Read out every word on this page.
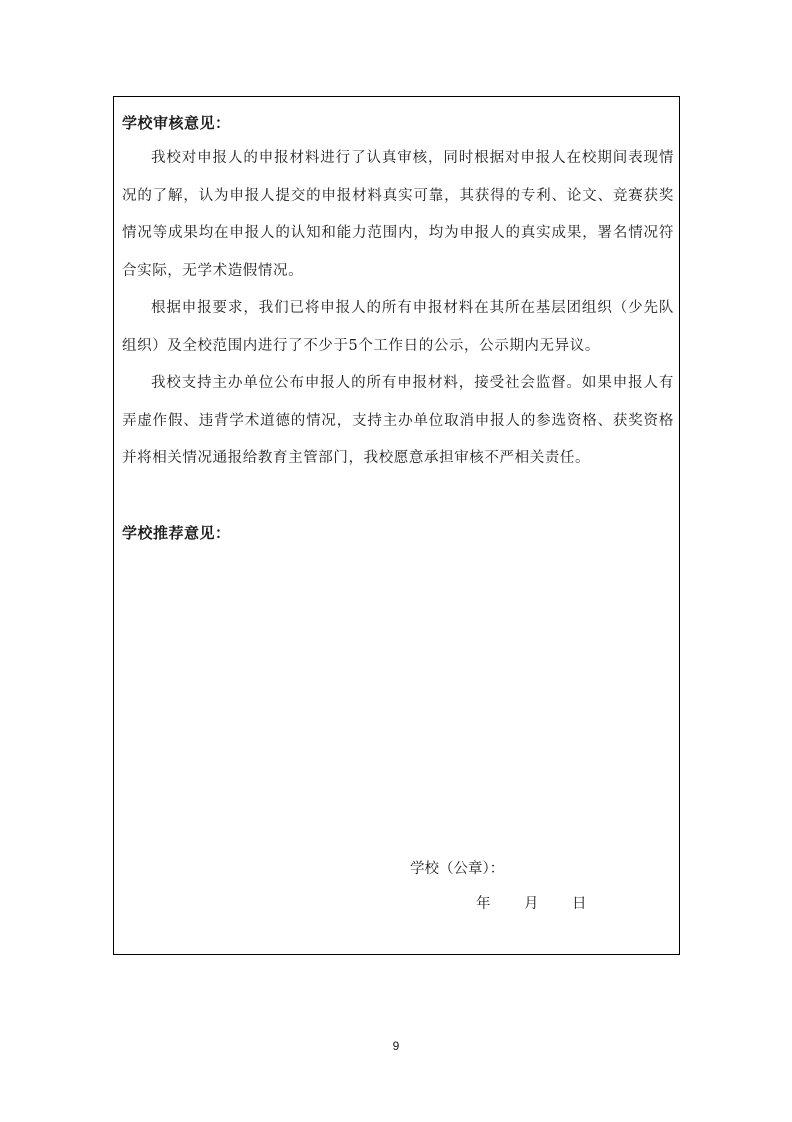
学校审核意见：

我校对申报人的申报材料进行了认真审核，同时根据对申报人在校期间表现情况的了解，认为申报人提交的申报材料真实可靠，其获得的专利、论文、竞赛获奖情况等成果均在申报人的认知和能力范围内，均为申报人的真实成果，署名情况符合实际，无学术造假情况。

根据申报要求，我们已将申报人的所有申报材料在其所在基层团组织（少先队组织）及全校范围内进行了不少于5个工作日的公示，公示期内无异议。

我校支持主办单位公布申报人的所有申报材料，接受社会监督。如果申报人有弄虚作假、违背学术道德的情况，支持主办单位取消申报人的参选资格、获奖资格并将相关情况通报给教育主管部门，我校愿意承担审核不严相关责任。

学校推荐意见：
学校（公章）：
年 月 日
9
